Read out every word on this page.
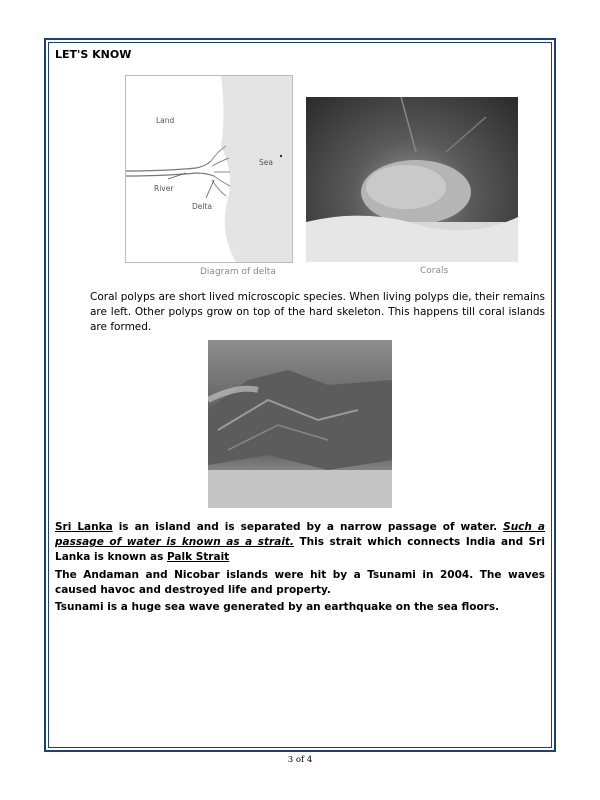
LET'S KNOW
Land
Sea
River
Delta
Diagram of delta	Corals
Coral polyps are short lived microscopic species. When living polyps die, their remains are left. Other polyps grow on top of the hard skeleton. This happens till coral islands are formed.
Sri Lanka is an island and is separated by a narrow passage of water. Such a passage of water is known as a strait. This strait which connects India and Sri Lanka is known as Palk Strait
The Andaman and Nicobar islands were hit by a Tsunami in 2004. The waves caused havoc and destroyed life and property.
Tsunami is a huge sea wave generated by an earthquake on the sea floors.
3 of 4
